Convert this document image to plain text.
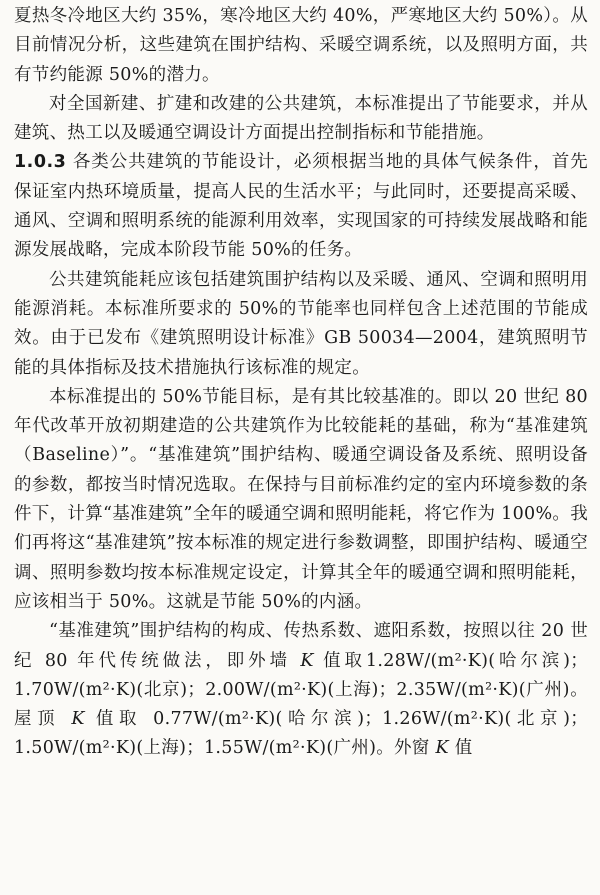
夏热冬冷地区大约 35%，寒冷地区大约 40%，严寒地区大约 50%）。从目前情况分析，这些建筑在围护结构、采暖空调系统，以及照明方面，共有节约能源 50%的潜力。

对全国新建、扩建和改建的公共建筑，本标准提出了节能要求，并从建筑、热工以及暖通空调设计方面提出控制指标和节能措施。

1.0.3 各类公共建筑的节能设计，必须根据当地的具体气候条件，首先保证室内热环境质量，提高人民的生活水平；与此同时，还要提高采暖、通风、空调和照明系统的能源利用效率，实现国家的可持续发展战略和能源发展战略，完成本阶段节能 50%的任务。

公共建筑能耗应该包括建筑围护结构以及采暖、通风、空调和照明用能源消耗。本标准所要求的 50%的节能率也同样包含上述范围的节能成效。由于已发布《建筑照明设计标准》GB 50034—2004，建筑照明节能的具体指标及技术措施执行该标准的规定。

本标准提出的 50%节能目标，是有其比较基准的。即以 20 世纪 80 年代改革开放初期建造的公共建筑作为比较能耗的基础，称为“基准建筑（Baseline）”。“基准建筑”围护结构、暖通空调设备及系统、照明设备的参数，都按当时情况选取。在保持与目前标准约定的室内环境参数的条件下，计算“基准建筑”全年的暖通空调和照明能耗，将它作为 100%。我们再将这“基准建筑”按本标准的规定进行参数调整，即围护结构、暖通空调、照明参数均按本标准规定设定，计算其全年的暖通空调和照明能耗，应该相当于 50%。这就是节能 50%的内涵。

“基准建筑”围护结构的构成、传热系数、遮阳系数，按照以往 20 世纪 80 年代传统做法，即外墙 K 值取1.28W/(m²·K)(哈尔滨)；1.70W/(m²·K)(北京)；2.00W/(m²·K)(上海)；2.35W/(m²·K)(广州)。屋顶 K 值取 0.77W/(m²·K)(哈尔滨)；1.26W/(m²·K)(北京)；1.50W/(m²·K)(上海)；1.55W/(m²·K)(广州)。外窗 K 值
